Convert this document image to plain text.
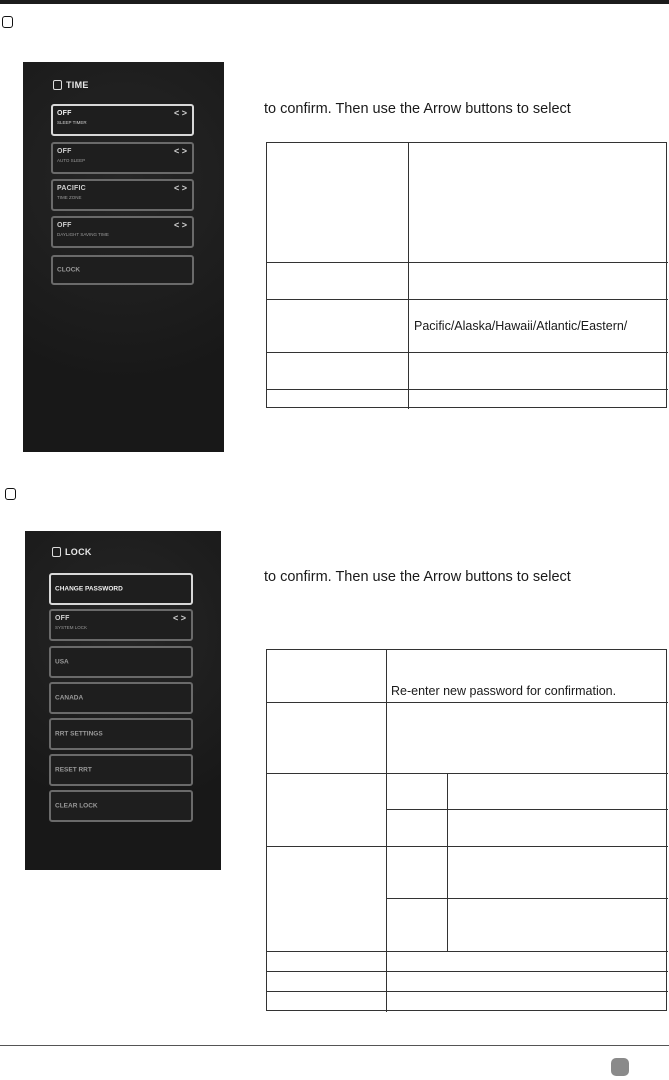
TIME
OFF
SLEEP TIMER
< >
OFF
AUTO SLEEP
< >
PACIFIC
TIME ZONE
< >
OFF
DAYLIGHT SAVING TIME
< >
CLOCK
to confirm. Then use the Arrow buttons to select
Pacific/Alaska/Hawaii/Atlantic/Eastern/
LOCK
CHANGE PASSWORD
OFF
SYSTEM LOCK
< >
USA
CANADA
RRT SETTINGS
RESET RRT
CLEAR LOCK
to confirm. Then use the Arrow buttons to select
Re-enter new password for confirmation.
